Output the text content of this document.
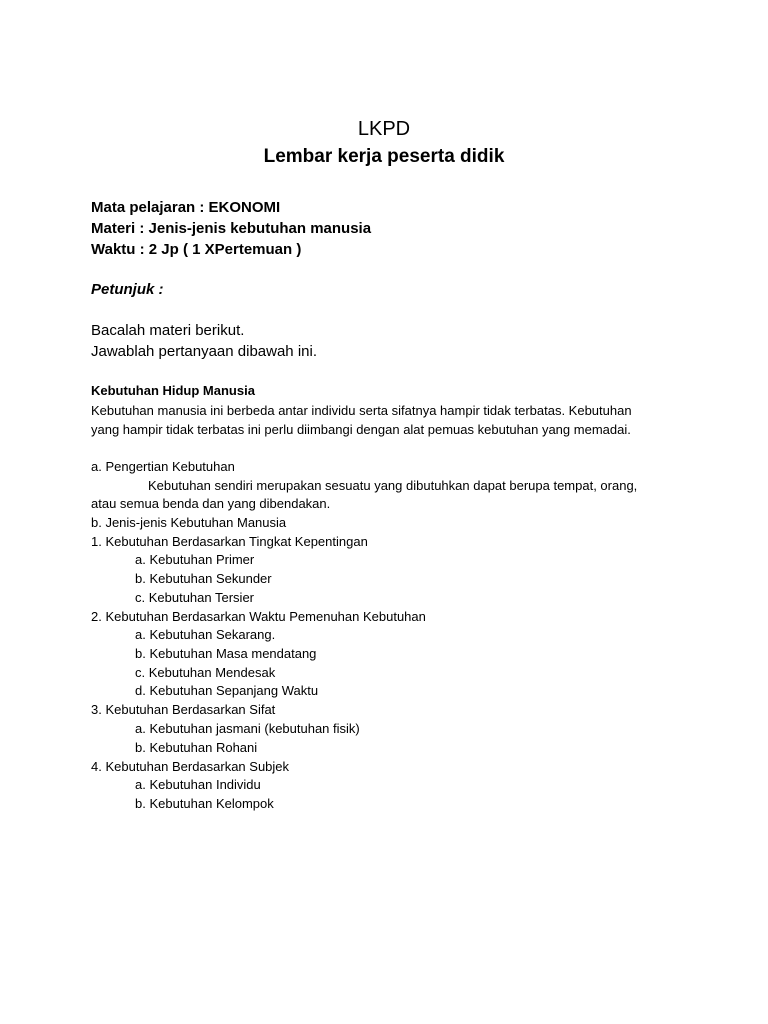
LKPD
Lembar kerja peserta didik
Mata pelajaran : EKONOMI
Materi : Jenis-jenis kebutuhan manusia
Waktu : 2 Jp ( 1 XPertemuan )
Petunjuk :
Bacalah materi berikut.
Jawablah pertanyaan dibawah ini.
Kebutuhan Hidup Manusia
Kebutuhan manusia ini berbeda antar individu serta sifatnya hampir tidak terbatas. Kebutuhan
yang hampir tidak terbatas ini perlu diimbangi dengan alat pemuas kebutuhan yang memadai.
a. Pengertian Kebutuhan
Kebutuhan sendiri merupakan sesuatu yang dibutuhkan dapat berupa tempat, orang,
atau semua benda dan yang dibendakan.
b. Jenis-jenis Kebutuhan Manusia
1. Kebutuhan Berdasarkan Tingkat Kepentingan
a. Kebutuhan Primer
b. Kebutuhan Sekunder
c. Kebutuhan Tersier
2. Kebutuhan Berdasarkan Waktu Pemenuhan Kebutuhan
a. Kebutuhan Sekarang.
b. Kebutuhan Masa mendatang
c. Kebutuhan Mendesak
d. Kebutuhan Sepanjang Waktu
3. Kebutuhan Berdasarkan Sifat
a. Kebutuhan jasmani (kebutuhan fisik)
b. Kebutuhan Rohani
4. Kebutuhan Berdasarkan Subjek
a. Kebutuhan Individu
b. Kebutuhan Kelompok
